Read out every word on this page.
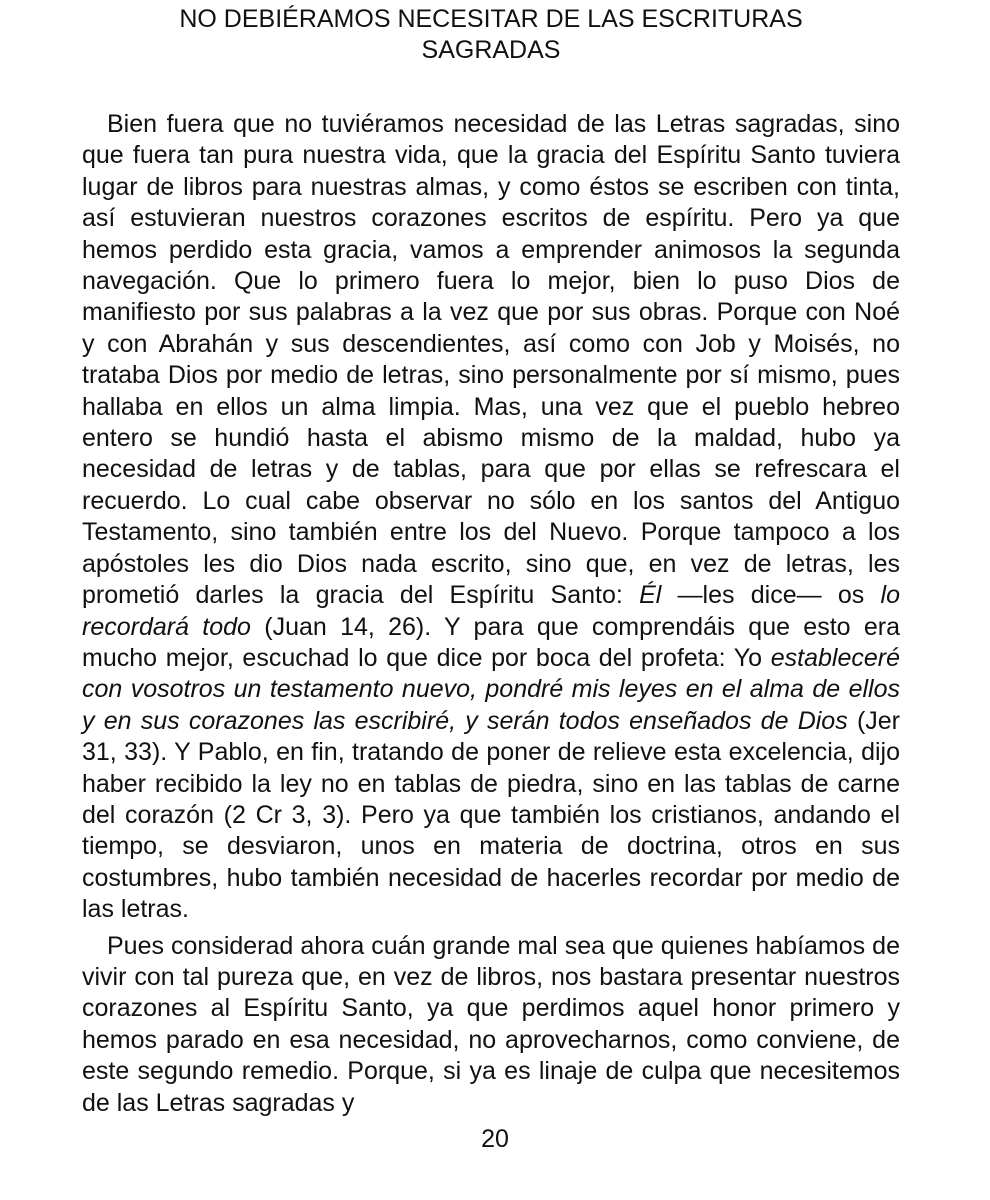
NO DEBIÉRAMOS NECESITAR DE LAS ESCRITURAS
SAGRADAS

Bien fuera que no tuviéramos necesidad de las Letras sagradas, sino que fuera tan pura nuestra vida, que la gracia del Espíritu Santo tuviera lugar de libros para nuestras almas, y como éstos se escriben con tinta, así estuvieran nuestros corazones escritos de espíritu. Pero ya que hemos perdido esta gracia, vamos a emprender animosos la segunda navegación. Que lo primero fuera lo mejor, bien lo puso Dios de manifiesto por sus palabras a la vez que por sus obras. Porque con Noé y con Abrahán y sus descendientes, así como con Job y Moisés, no trataba Dios por medio de letras, sino personalmente por sí mismo, pues hallaba en ellos un alma limpia. Mas, una vez que el pueblo hebreo entero se hundió hasta el abismo mismo de la maldad, hubo ya necesidad de letras y de tablas, para que por ellas se refrescara el recuerdo. Lo cual cabe observar no sólo en los santos del Antiguo Testamento, sino también entre los del Nuevo. Porque tampoco a los apóstoles les dio Dios nada escrito, sino que, en vez de letras, les prometió darles la gracia del Espíritu Santo: Él —les dice— os lo recordará todo (Juan 14, 26). Y para que comprendáis que esto era mucho mejor, escuchad lo que dice por boca del profeta: Yo estableceré con vosotros un testamento nuevo, pondré mis leyes en el alma de ellos y en sus corazones las escribiré, y serán todos enseñados de Dios (Jer 31, 33). Y Pablo, en fin, tratando de poner de relieve esta excelencia, dijo haber recibido la ley no en tablas de piedra, sino en las tablas de carne del corazón (2 Cr 3, 3). Pero ya que también los cristianos, andando el tiempo, se desviaron, unos en materia de doctrina, otros en sus costumbres, hubo también necesidad de hacerles recordar por medio de las letras.

Pues considerad ahora cuán grande mal sea que quienes habíamos de vivir con tal pureza que, en vez de libros, nos bastara presentar nuestros corazones al Espíritu Santo, ya que perdimos aquel honor primero y hemos parado en esa necesidad, no aprovecharnos, como conviene, de este segundo remedio. Porque, si ya es linaje de culpa que necesitemos de las Letras sagradas y

20
